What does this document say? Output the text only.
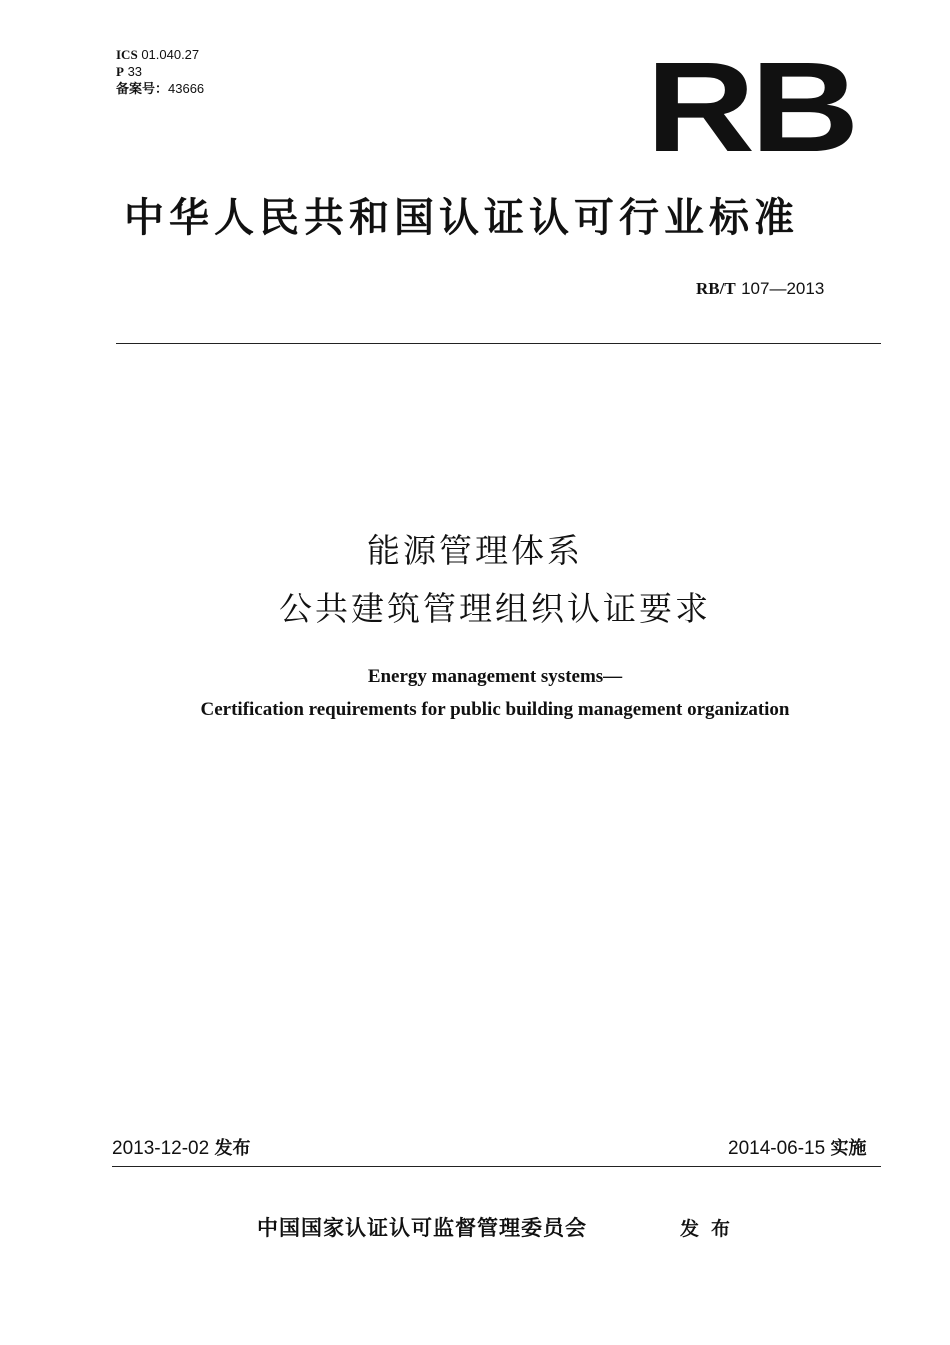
ICS 01.040.27
P 33
备案号：43666	RB
中华人民共和国认证认可行业标准
RB/T 107—2013
能源管理体系
公共建筑管理组织认证要求
Energy management systems—
Certification requirements for public building management organization
2013-12-02 发布	2014-06-15 实施
中国国家认证认可监督管理委员会	发布
